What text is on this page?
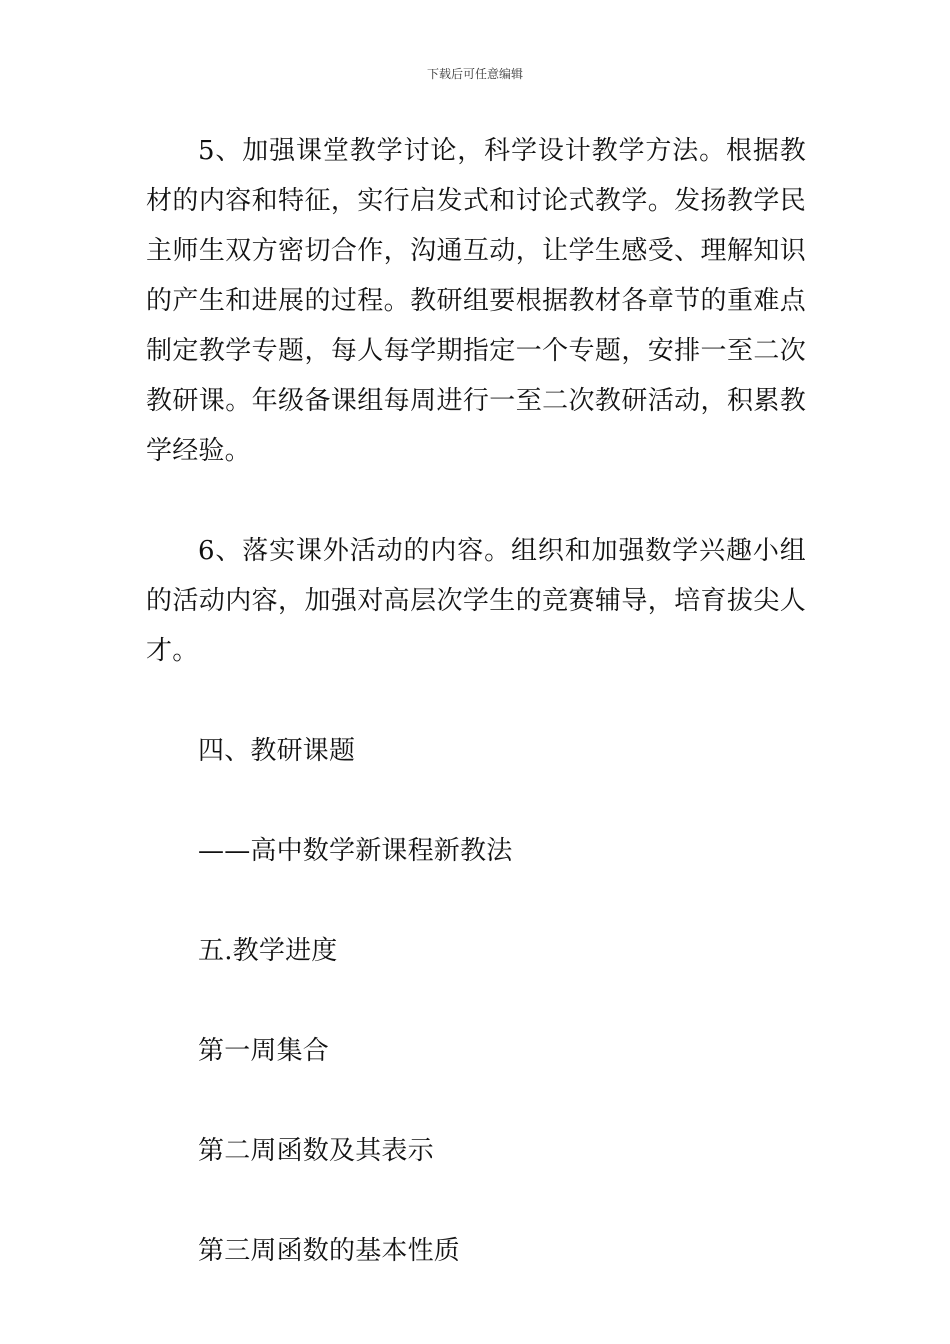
下载后可任意编辑

5、加强课堂教学讨论，科学设计教学方法。根据教材的内容和特征，实行启发式和讨论式教学。发扬教学民主师生双方密切合作，沟通互动，让学生感受、理解知识的产生和进展的过程。教研组要根据教材各章节的重难点制定教学专题，每人每学期指定一个专题，安排一至二次教研课。年级备课组每周进行一至二次教研活动，积累教学经验。

6、落实课外活动的内容。组织和加强数学兴趣小组的活动内容，加强对高层次学生的竞赛辅导，培育拔尖人才。

四、教研课题

——高中数学新课程新教法

五.教学进度

第一周集合

第二周函数及其表示

第三周函数的基本性质
